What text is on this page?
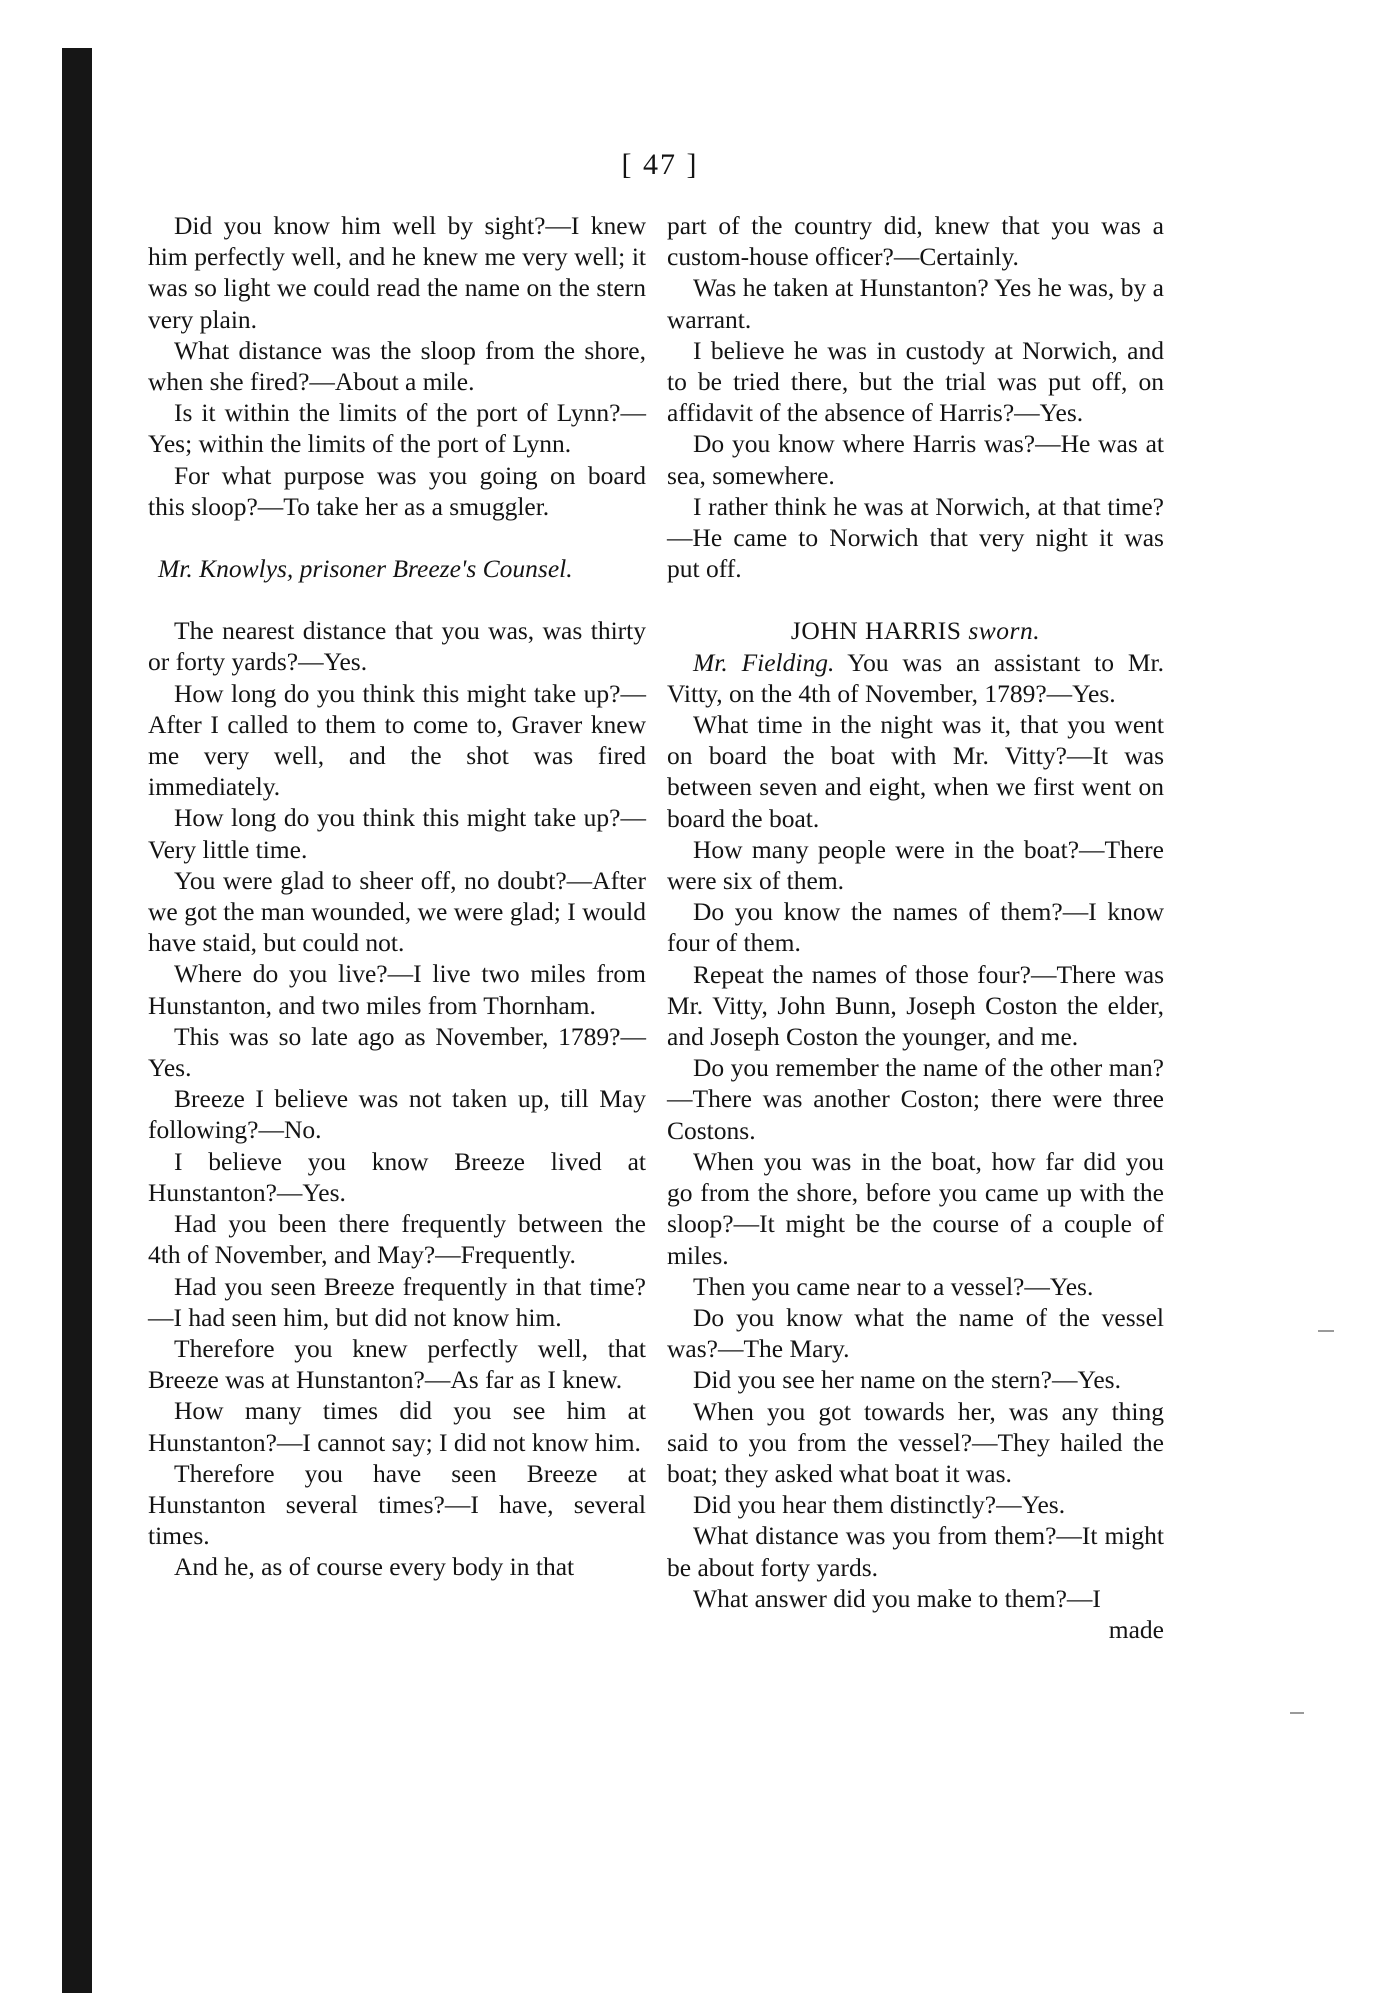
[ 47 ]

Did you know him well by sight?—I knew him perfectly well, and he knew me very well; it was so light we could read the name on the stern very plain.

What distance was the sloop from the shore, when she fired?—About a mile.

Is it within the limits of the port of Lynn?—Yes; within the limits of the port of Lynn.

For what purpose was you going on board this sloop?—To take her as a smuggler.

Mr. Knowlys, prisoner Breeze's Counsel.

The nearest distance that you was, was thirty or forty yards?—Yes.

How long do you think this might take up?—After I called to them to come to, Graver knew me very well, and the shot was fired immediately.

How long do you think this might take up?—Very little time.

You were glad to sheer off, no doubt?—After we got the man wounded, we were glad; I would have staid, but could not.

Where do you live?—I live two miles from Hunstanton, and two miles from Thornham.

This was so late ago as November, 1789?—Yes.

Breeze I believe was not taken up, till May following?—No.

I believe you know Breeze lived at Hunstanton?—Yes.

Had you been there frequently between the 4th of November, and May?—Frequently.

Had you seen Breeze frequently in that time?—I had seen him, but did not know him.

Therefore you knew perfectly well, that Breeze was at Hunstanton?—As far as I knew.

How many times did you see him at Hunstanton?—I cannot say; I did not know him.

Therefore you have seen Breeze at Hunstanton several times?—I have, several times.

And he, as of course every body in that

part of the country did, knew that you was a custom-house officer?—Certainly.

Was he taken at Hunstanton? Yes he was, by a warrant.

I believe he was in custody at Norwich, and to be tried there, but the trial was put off, on affidavit of the absence of Harris?—Yes.

Do you know where Harris was?—He was at sea, somewhere.

I rather think he was at Norwich, at that time?—He came to Norwich that very night it was put off.

JOHN HARRIS sworn.

Mr. Fielding. You was an assistant to Mr. Vitty, on the 4th of November, 1789?—Yes.

What time in the night was it, that you went on board the boat with Mr. Vitty?—It was between seven and eight, when we first went on board the boat.

How many people were in the boat?—There were six of them.

Do you know the names of them?—I know four of them.

Repeat the names of those four?—There was Mr. Vitty, John Bunn, Joseph Coston the elder, and Joseph Coston the younger, and me.

Do you remember the name of the other man?—There was another Coston; there were three Costons.

When you was in the boat, how far did you go from the shore, before you came up with the sloop?—It might be the course of a couple of miles.

Then you came near to a vessel?—Yes.

Do you know what the name of the vessel was?—The Mary.

Did you see her name on the stern?—Yes.

When you got towards her, was any thing said to you from the vessel?—They hailed the boat; they asked what boat it was.

Did you hear them distinctly?—Yes.

What distance was you from them?—It might be about forty yards.

What answer did you make to them?—I

made
